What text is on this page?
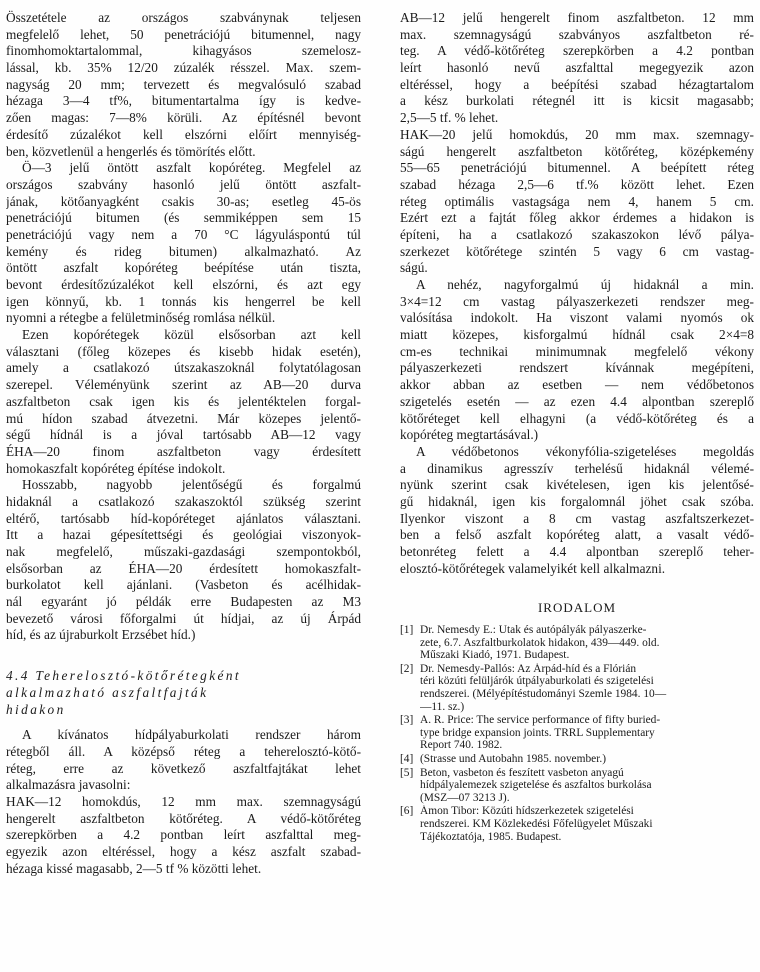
Összetétele az országos szabványnak teljesen
megfelelő lehet, 50 penetrációjú bitumennel, nagy
finomhomoktartalommal, kihagyásos szemelosz-
lással, kb. 35% 12/20 zúzalék résszel. Max. szem-
nagyság 20 mm; tervezett és megvalósuló szabad
hézaga 3—4 tf%, bitumentartalma így is kedve-
zően magas: 7—8% körüli. Az építésnél bevont
érdesítő zúzalékot kell elszórni előírt mennyiség-
ben, közvetlenül a hengerlés és tömörítés előtt.
Ö—3 jelű öntött aszfalt kopóréteg. Megfelel az
országos szabvány hasonló jelű öntött aszfalt-
jának, kötőanyagként csakis 30-as; esetleg 45-ös
penetrációjú bitumen (és semmiképpen sem 15
penetrációjú vagy nem a 70 °C lágyuláspontú túl
kemény és rideg bitumen) alkalmazható. Az
öntött aszfalt kopóréteg beépítése után tiszta,
bevont érdesítőzúzalékot kell elszórni, és azt egy
igen könnyű, kb. 1 tonnás kis hengerrel be kell
nyomni a rétegbe a felületminőség romlása nélkül.
Ezen kopórétegek közül elsősorban azt kell
választani (főleg közepes és kisebb hidak esetén),
amely a csatlakozó útszakaszoknál folytatólagosan
szerepel. Véleményünk szerint az AB—20 durva
aszfaltbeton csak igen kis és jelentéktelen forgal-
mú hídon szabad átvezetni. Már közepes jelentő-
ségű hídnál is a jóval tartósabb AB—12 vagy
ÉHA—20 finom aszfaltbeton vagy érdesített
homokaszfalt kopóréteg építése indokolt.
Hosszabb, nagyobb jelentőségű és forgalmú
hidaknál a csatlakozó szakaszoktól szükség szerint
eltérő, tartósabb híd-kopóréteget ajánlatos választani.
Itt a hazai gépesítettségi és geológiai viszonyok-
nak megfelelő, műszaki-gazdasági szempontokból,
elsősorban az ÉHA—20 érdesített homokaszfalt-
burkolatot kell ajánlani. (Vasbeton és acélhidak-
nál egyaránt jó példák erre Budapesten az M3
bevezető városi főforgalmi út hídjai, az új Árpád
híd, és az újraburkolt Erzsébet híd.)
4.4 Teherelosztó-kötőrétegként
alkalmazható aszfaltfajták
hidakon
A kívánatos hídpályaburkolati rendszer három
rétegből áll. A középső réteg a teherelosztó-kötő-
réteg, erre az következő aszfaltfajtákat lehet
alkalmazásra javasolni:
HAK—12 homokdús, 12 mm max. szemnagyságú
hengerelt aszfaltbeton kötőréteg. A védő-kötőréteg
szerepkörben a 4.2 pontban leírt aszfalttal meg-
egyezik azon eltéréssel, hogy a kész aszfalt szabad-
hézaga kissé magasabb, 2—5 tf % közötti lehet.
AB—12 jelű hengerelt finom aszfaltbeton. 12 mm
max. szemnagyságú szabványos aszfaltbeton ré-
teg. A védő-kötőréteg szerepkörben a 4.2 pontban
leírt hasonló nevű aszfalttal megegyezik azon
eltéréssel, hogy a beépítési szabad hézagtartalom
a kész burkolati rétegnél itt is kicsit magasabb;
2,5—5 tf. % lehet.
HAK—20 jelű homokdús, 20 mm max. szemnagy-
ságú hengerelt aszfaltbeton kötőréteg, középkemény
55—65 penetrációjú bitumennel. A beépített réteg
szabad hézaga 2,5—6 tf.% között lehet. Ezen
réteg optimális vastagsága nem 4, hanem 5 cm.
Ezért ezt a fajtát főleg akkor érdemes a hidakon is
építeni, ha a csatlakozó szakaszokon lévő pálya-
szerkezet kötőrétege szintén 5 vagy 6 cm vastag-
ságú.
A nehéz, nagyforgalmú új hidaknál a min.
3×4=12 cm vastag pályaszerkezeti rendszer meg-
valósítása indokolt. Ha viszont valami nyomós ok
miatt közepes, kisforgalmú hídnál csak 2×4=8
cm-es technikai minimumnak megfelelő vékony
pályaszerkezeti rendszert kívánnak megépíteni,
akkor abban az esetben — nem védőbetonos
szigetelés esetén — az ezen 4.4 alpontban szereplő
kötőréteget kell elhagyni (a védő-kötőréteg és a
kopóréteg megtartásával.)
A védőbetonos vékonyfólia-szigeteléses megoldás
a dinamikus agresszív terhelésű hidaknál vélemé-
nyünk szerint csak kivételesen, igen kis jelentősé-
gű hidaknál, igen kis forgalomnál jöhet csak szóba.
Ilyenkor viszont a 8 cm vastag aszfaltszerkezet-
ben a felső aszfalt kopóréteg alatt, a vasalt védő-
betonréteg felett a 4.4 alpontban szereplő teher-
elosztó-kötőrétegek valamelyikét kell alkalmazni.
IRODALOM
[1] Dr. Nemesdy E.: Utak és autópályák pályaszerke-
zete, 6.7. Aszfaltburkolatok hidakon, 439—449. old.
Műszaki Kiadó, 1971. Budapest.
[2] Dr. Nemesdy-Pallós: Az Árpád-híd és a Flórián
téri közúti felüljárók útpályaburkolati és szigetelési
rendszerei. (Mélyépítéstudományi Szemle 1984. 10—
—11. sz.)
[3] A. R. Price: The service performance of fifty buried-
type bridge expansion joints. TRRL Supplementary
Report 740. 1982.
[4] (Strasse und Autobahn 1985. november.)
[5] Beton, vasbeton és feszített vasbeton anyagú
hídpályalemezek szigetelése és aszfaltos burkolása
(MSZ—07 3213 J).
[6] Ámon Tibor: Közúti hídszerkezetek szigetelési
rendszerei. KM Közlekedési Főfelügyelet Műszaki
Tájékoztatója, 1985. Budapest.
